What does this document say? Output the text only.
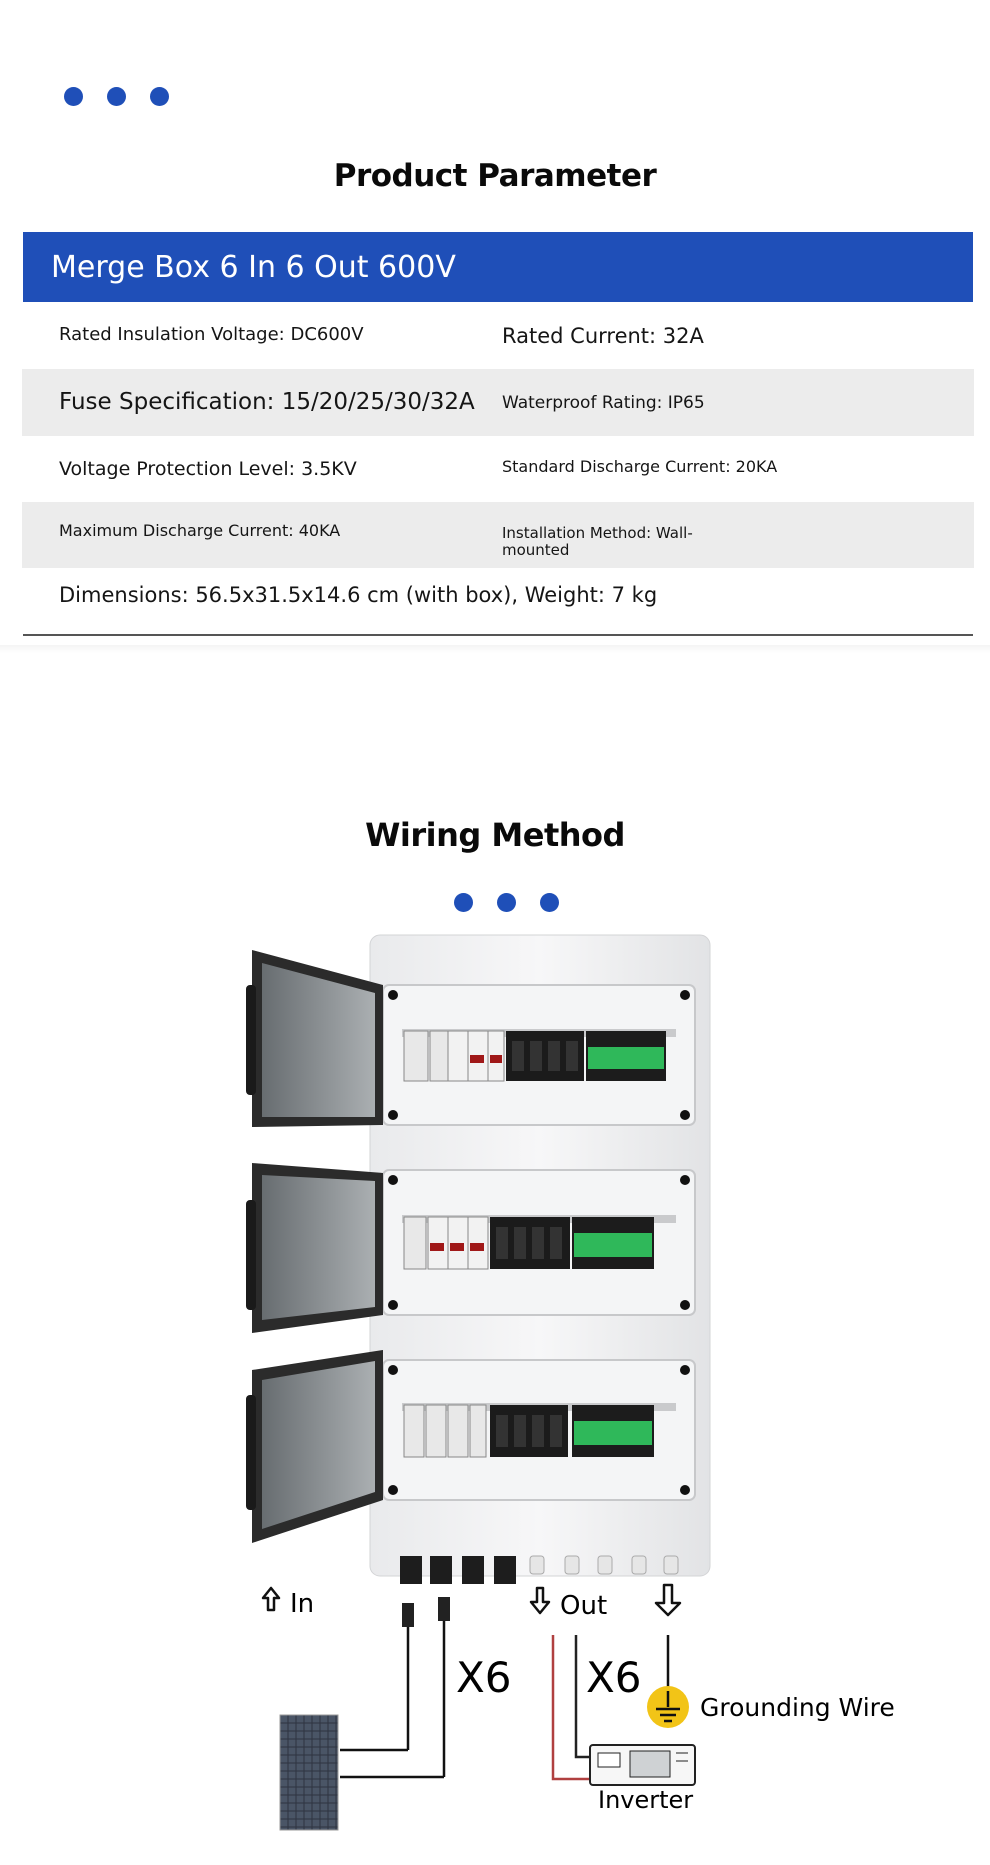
Product Parameter
Merge Box 6 In 6 Out 600V
Rated Insulation Voltage: DC600V	Rated Current: 32A
Fuse Specification: 15/20/25/30/32A Waterproof Rating: IP65
Voltage Protection Level: 3.5KV	Standard Discharge Current: 20KA
Maximum Discharge Current: 40KA	Installation Method: Wall-
mounted
Dimensions: 56.5x31.5x14.6 cm (with box), Weight: 7 kg
Wiring Method
In	Out
X6 X6
Inverter
Grounding Wire
